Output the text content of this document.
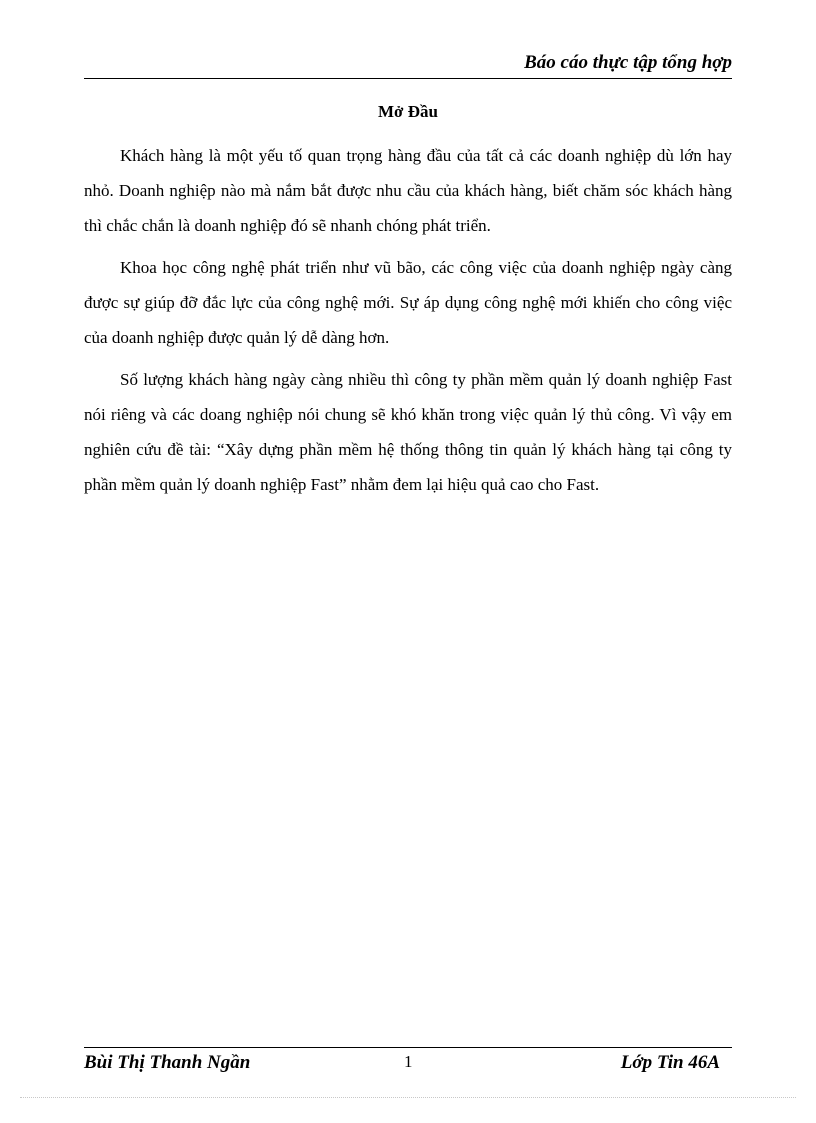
Báo cáo thực tập tổng hợp
Mở Đầu

Khách hàng là một yếu tố quan trọng hàng đầu của tất cả các doanh nghiệp dù lớn hay nhỏ. Doanh nghiệp nào mà nắm bắt được nhu cầu của khách hàng, biết chăm sóc khách hàng thì chắc chắn là doanh nghiệp đó sẽ nhanh chóng phát triển.

Khoa học công nghệ phát triển như vũ bão, các công việc của doanh nghiệp ngày càng được sự giúp đỡ đắc lực của công nghệ mới. Sự áp dụng công nghệ mới khiến cho công việc của doanh nghiệp được quản lý dễ dàng hơn.

Số lượng khách hàng ngày càng nhiều thì công ty phần mềm quản lý doanh nghiệp Fast nói riêng và các doang nghiệp nói chung sẽ khó khăn trong việc quản lý thủ công. Vì vậy em nghiên cứu đề tài: “Xây dựng phần mềm hệ thống thông tin quản lý khách hàng tại công ty phần mềm quản lý doanh nghiệp Fast” nhằm đem lại hiệu quả cao cho Fast.

Bùi Thị Thanh Ngần	1	Lớp Tin 46A
